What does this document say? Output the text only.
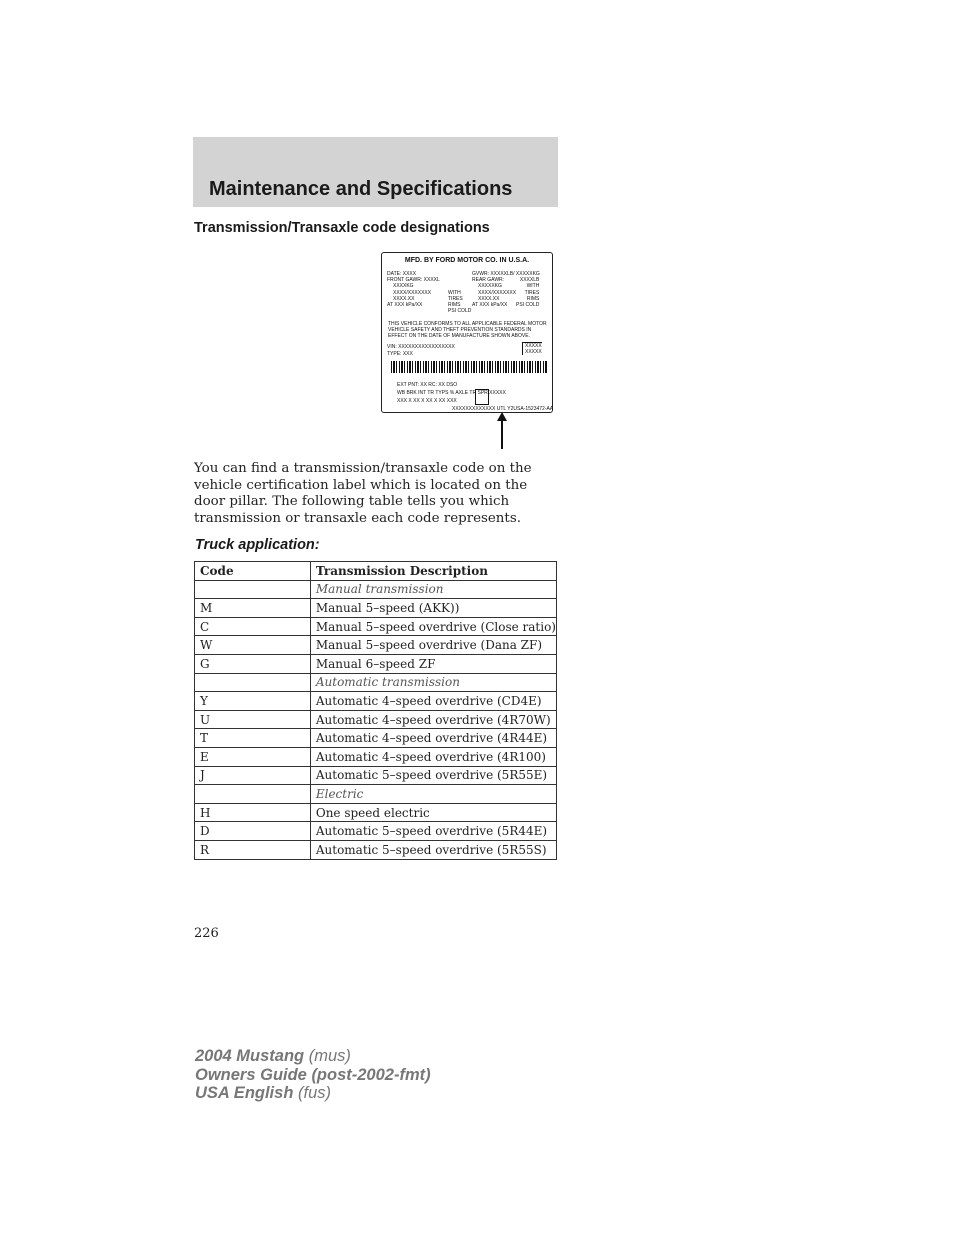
Maintenance and Specifications
Transmission/Transaxle code designations
MFD. BY FORD MOTOR CO. IN U.S.A.
DATE: XXXX
FRONT GAWR: XXXXL
XXXXKG
XXXX/XXXXXXX
XXXX.XX
AT XXX kPa/XX
WITH
TIRES
RIMS
PSI COLD
GVWR: XXXXXLB/ XXXXXKG
REAR GAWR:
XXXXXKG
XXXX/XXXXXXX
XXXX.XX
AT XXX kPa/XX
XXXXLB
WITH
TIRES
RIMS
PSI COLD
THIS VEHICLE CONFORMS TO ALL APPLICABLE FEDERAL MOTOR
VEHICLE SAFETY AND THEFT PREVENTION STANDARDS IN
EFFECT ON THE DATE OF MANUFACTURE SHOWN ABOVE.
VIN: XXXXXXXXXXXXXXXXX
TYPE: XXX
XXXXX
XXXXX
EXT PNT: XX RC: XX DSO
WB BRK INT TR TYPS % AXLE TR SPR XXXXX
XXX X XX X XX X XX XXX
XXXXXXXXXXXXX UTL Y2USA-1523472-AA

You can find a transmission/transaxle code on the vehicle certification label which is located on the door pillar. The following table tells you which transmission or transaxle each code represents.

Truck application:
Code	Transmission Description
	Manual transmission
M	Manual 5–speed (AKK))
C	Manual 5–speed overdrive (Close ratio)
W	Manual 5–speed overdrive (Dana ZF)
G	Manual 6–speed ZF
	Automatic transmission
Y	Automatic 4–speed overdrive (CD4E)
U	Automatic 4–speed overdrive (4R70W)
T	Automatic 4–speed overdrive (4R44E)
E	Automatic 4–speed overdrive (4R100)
J	Automatic 5–speed overdrive (5R55E)
	Electric
H	One speed electric
D	Automatic 5–speed overdrive (5R44E)
R	Automatic 5–speed overdrive (5R55S)
226
2004 Mustang (mus)
Owners Guide (post-2002-fmt)
USA English (fus)
